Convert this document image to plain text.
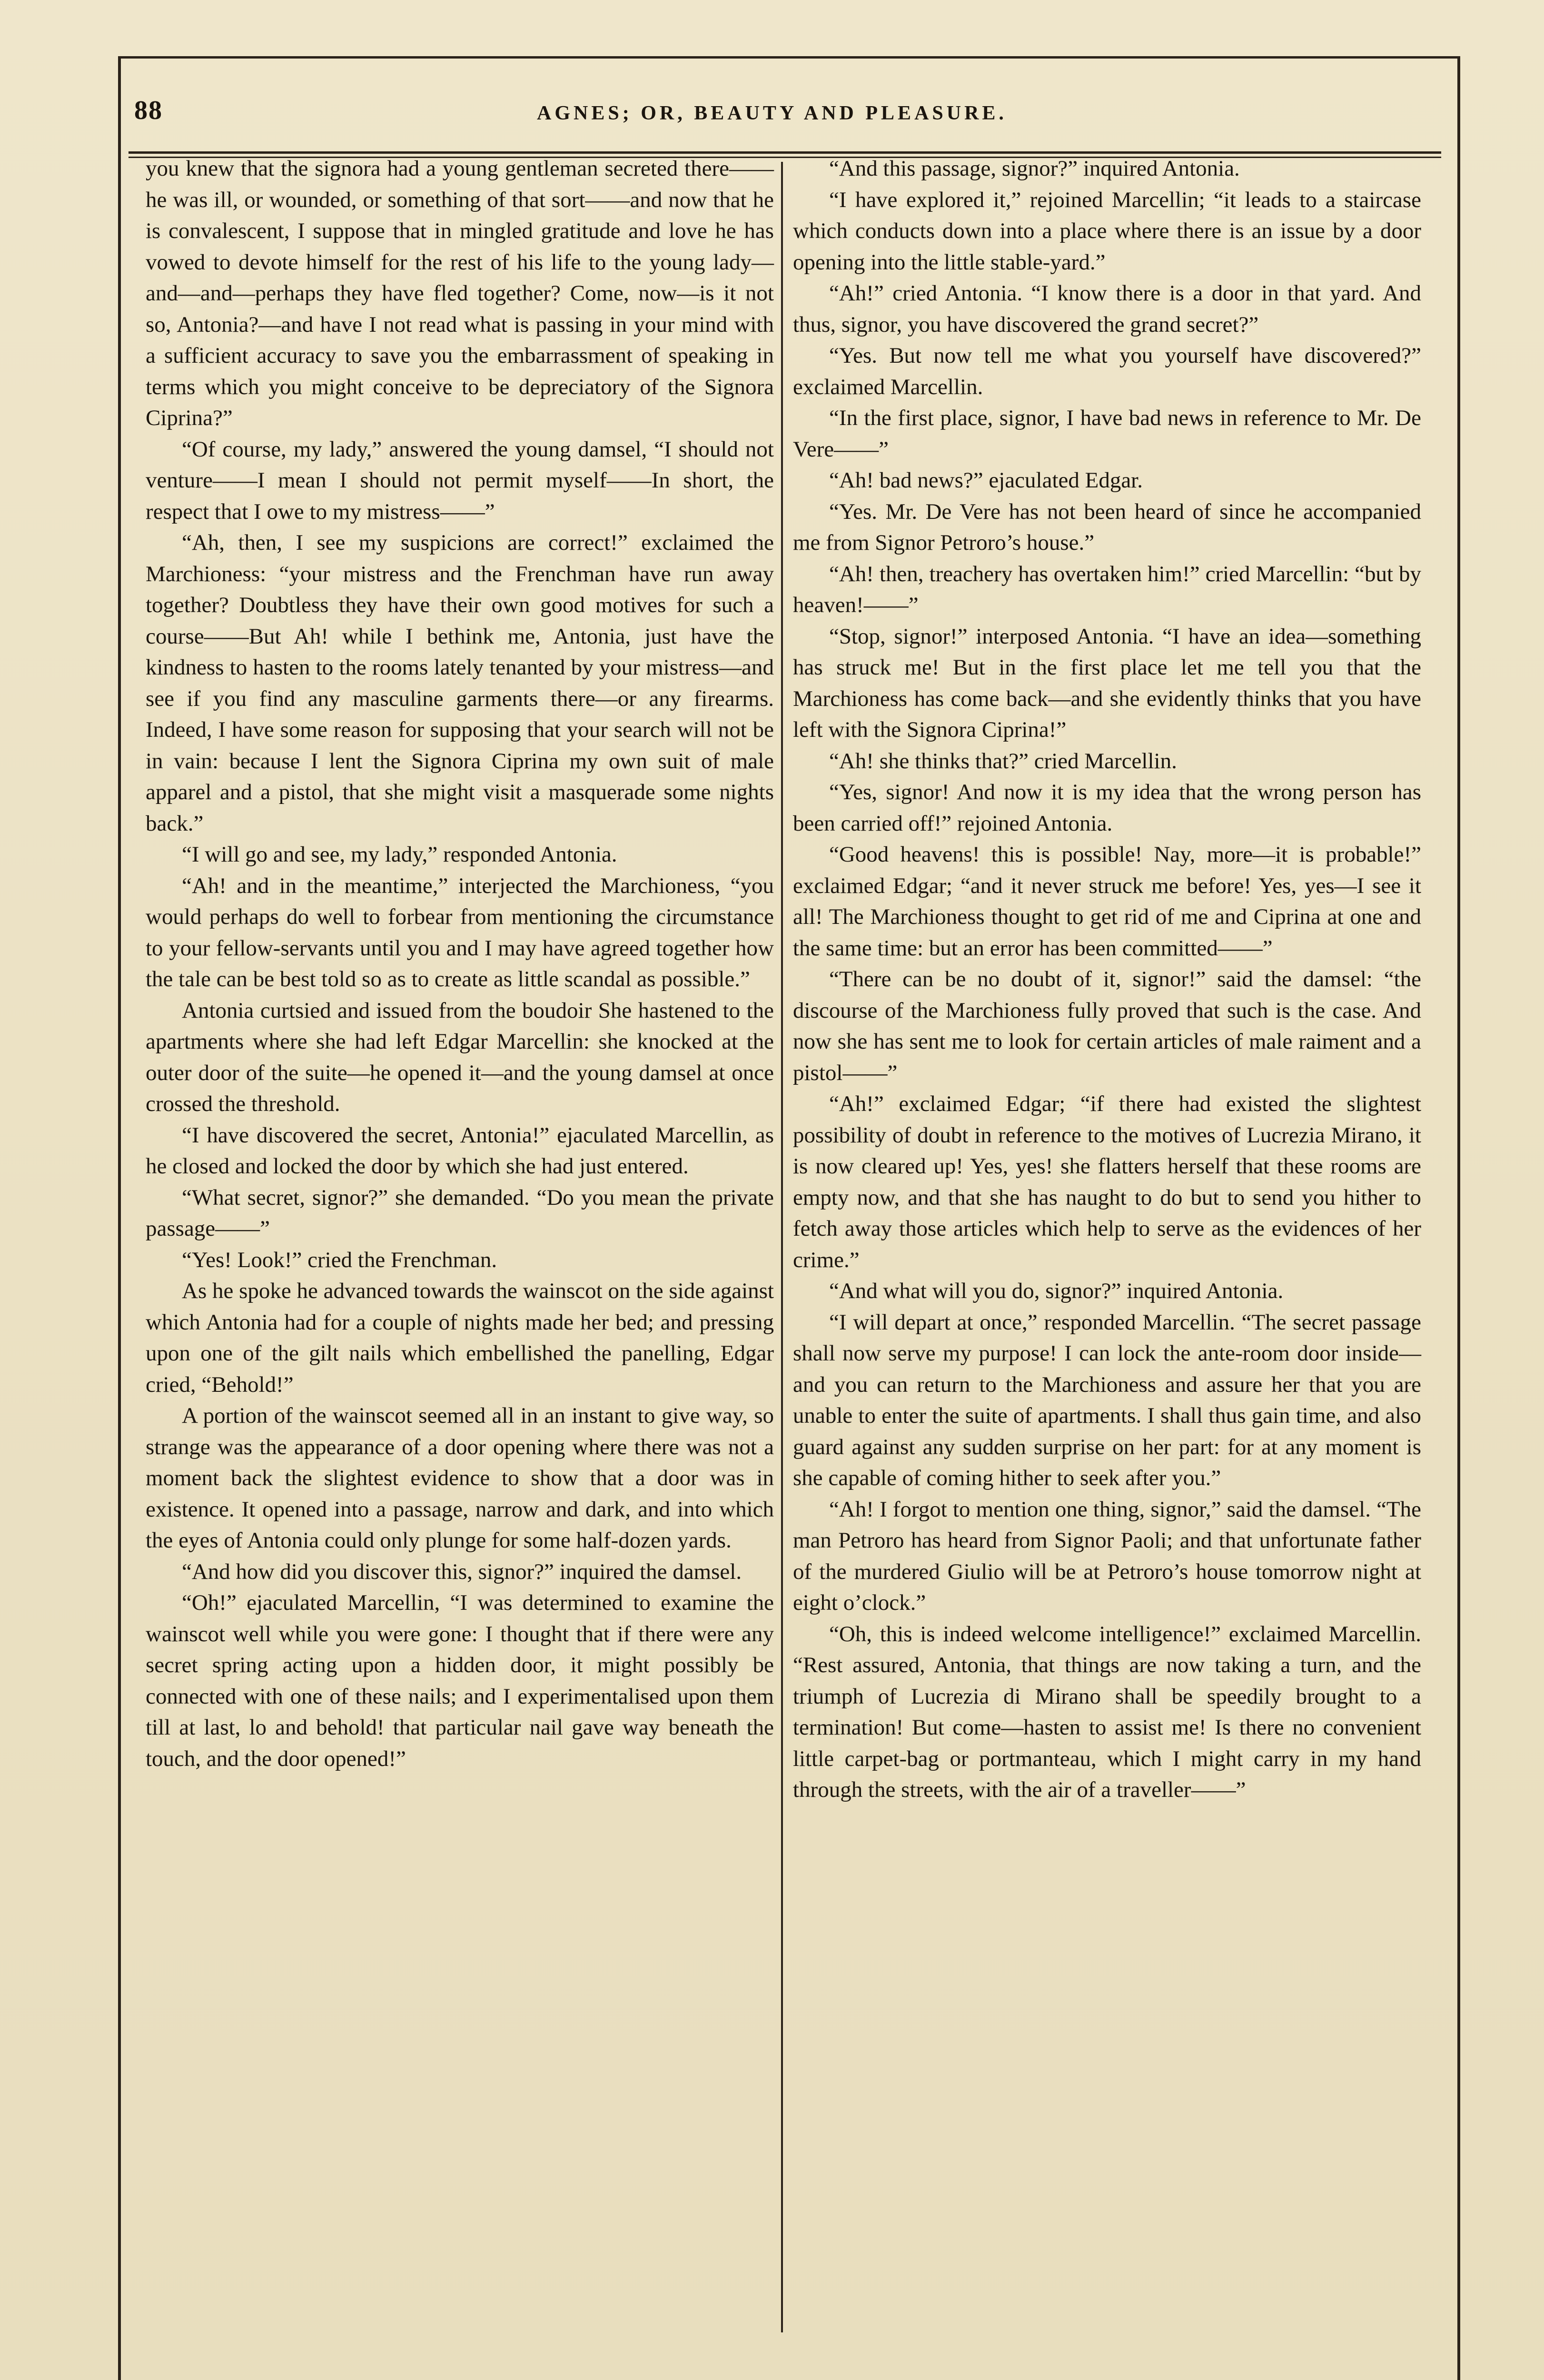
88	AGNES; OR, BEAUTY AND PLEASURE.

you knew that the signora had a young gentleman secreted there——he was ill, or wounded, or something of that sort——and now that he is convalescent, I suppose that in mingled gratitude and love he has vowed to devote himself for the rest of his life to the young lady—and—and—perhaps they have fled together? Come, now—is it not so, Antonia?—and have I not read what is passing in your mind with a sufficient accuracy to save you the embarrassment of speaking in terms which you might conceive to be depreciatory of the Signora Ciprina?”

“Of course, my lady,” answered the young damsel, “I should not venture——I mean I should not permit myself——In short, the respect that I owe to my mistress——”

“Ah, then, I see my suspicions are correct!” exclaimed the Marchioness: “your mistress and the Frenchman have run away together? Doubtless they have their own good motives for such a course——But Ah! while I bethink me, Antonia, just have the kindness to hasten to the rooms lately tenanted by your mistress—and see if you find any masculine garments there—or any firearms. Indeed, I have some reason for supposing that your search will not be in vain: because I lent the Signora Ciprina my own suit of male apparel and a pistol, that she might visit a masquerade some nights back.”

“I will go and see, my lady,” responded Antonia.

“Ah! and in the meantime,” interjected the Marchioness, “you would perhaps do well to forbear from mentioning the circumstance to your fellow-servants until you and I may have agreed together how the tale can be best told so as to create as little scandal as possible.”

Antonia curtsied and issued from the boudoir She hastened to the apartments where she had left Edgar Marcellin: she knocked at the outer door of the suite—he opened it—and the young damsel at once crossed the threshold.

“I have discovered the secret, Antonia!” ejaculated Marcellin, as he closed and locked the door by which she had just entered.

“What secret, signor?” she demanded. “Do you mean the private passage——”

“Yes! Look!” cried the Frenchman.

As he spoke he advanced towards the wainscot on the side against which Antonia had for a couple of nights made her bed; and pressing upon one of the gilt nails which embellished the panelling, Edgar cried, “Behold!”

A portion of the wainscot seemed all in an instant to give way, so strange was the appearance of a door opening where there was not a moment back the slightest evidence to show that a door was in existence. It opened into a passage, narrow and dark, and into which the eyes of Antonia could only plunge for some half-dozen yards.

“And how did you discover this, signor?” inquired the damsel.

“Oh!” ejaculated Marcellin, “I was determined to examine the wainscot well while you were gone: I thought that if there were any secret spring acting upon a hidden door, it might possibly be connected with one of these nails; and I experimentalised upon them till at last, lo and behold! that particular nail gave way beneath the touch, and the door opened!”

“And this passage, signor?” inquired Antonia.

“I have explored it,” rejoined Marcellin; “it leads to a staircase which conducts down into a place where there is an issue by a door opening into the little stable-yard.”

“Ah!” cried Antonia. “I know there is a door in that yard. And thus, signor, you have discovered the grand secret?”

“Yes. But now tell me what you yourself have discovered?” exclaimed Marcellin.

“In the first place, signor, I have bad news in reference to Mr. De Vere——”

“Ah! bad news?” ejaculated Edgar.

“Yes. Mr. De Vere has not been heard of since he accompanied me from Signor Petroro’s house.”

“Ah! then, treachery has overtaken him!” cried Marcellin: “but by heaven!——”

“Stop, signor!” interposed Antonia. “I have an idea—something has struck me! But in the first place let me tell you that the Marchioness has come back—and she evidently thinks that you have left with the Signora Ciprina!”

“Ah! she thinks that?” cried Marcellin.

“Yes, signor! And now it is my idea that the wrong person has been carried off!” rejoined Antonia.

“Good heavens! this is possible! Nay, more—it is probable!” exclaimed Edgar; “and it never struck me before! Yes, yes—I see it all! The Marchioness thought to get rid of me and Ciprina at one and the same time: but an error has been committed——”

“There can be no doubt of it, signor!” said the damsel: “the discourse of the Marchioness fully proved that such is the case. And now she has sent me to look for certain articles of male raiment and a pistol——”

“Ah!” exclaimed Edgar; “if there had existed the slightest possibility of doubt in reference to the motives of Lucrezia Mirano, it is now cleared up! Yes, yes! she flatters herself that these rooms are empty now, and that she has naught to do but to send you hither to fetch away those articles which help to serve as the evidences of her crime.”

“And what will you do, signor?” inquired Antonia.

“I will depart at once,” responded Marcellin. “The secret passage shall now serve my purpose! I can lock the ante-room door inside—and you can return to the Marchioness and assure her that you are unable to enter the suite of apartments. I shall thus gain time, and also guard against any sudden surprise on her part: for at any moment is she capable of coming hither to seek after you.”

“Ah! I forgot to mention one thing, signor,” said the damsel. “The man Petroro has heard from Signor Paoli; and that unfortunate father of the murdered Giulio will be at Petroro’s house tomorrow night at eight o’clock.”

“Oh, this is indeed welcome intelligence!” exclaimed Marcellin. “Rest assured, Antonia, that things are now taking a turn, and the triumph of Lucrezia di Mirano shall be speedily brought to a termination! But come—hasten to assist me! Is there no convenient little carpet-bag or portmanteau, which I might carry in my hand through the streets, with the air of a traveller——”
